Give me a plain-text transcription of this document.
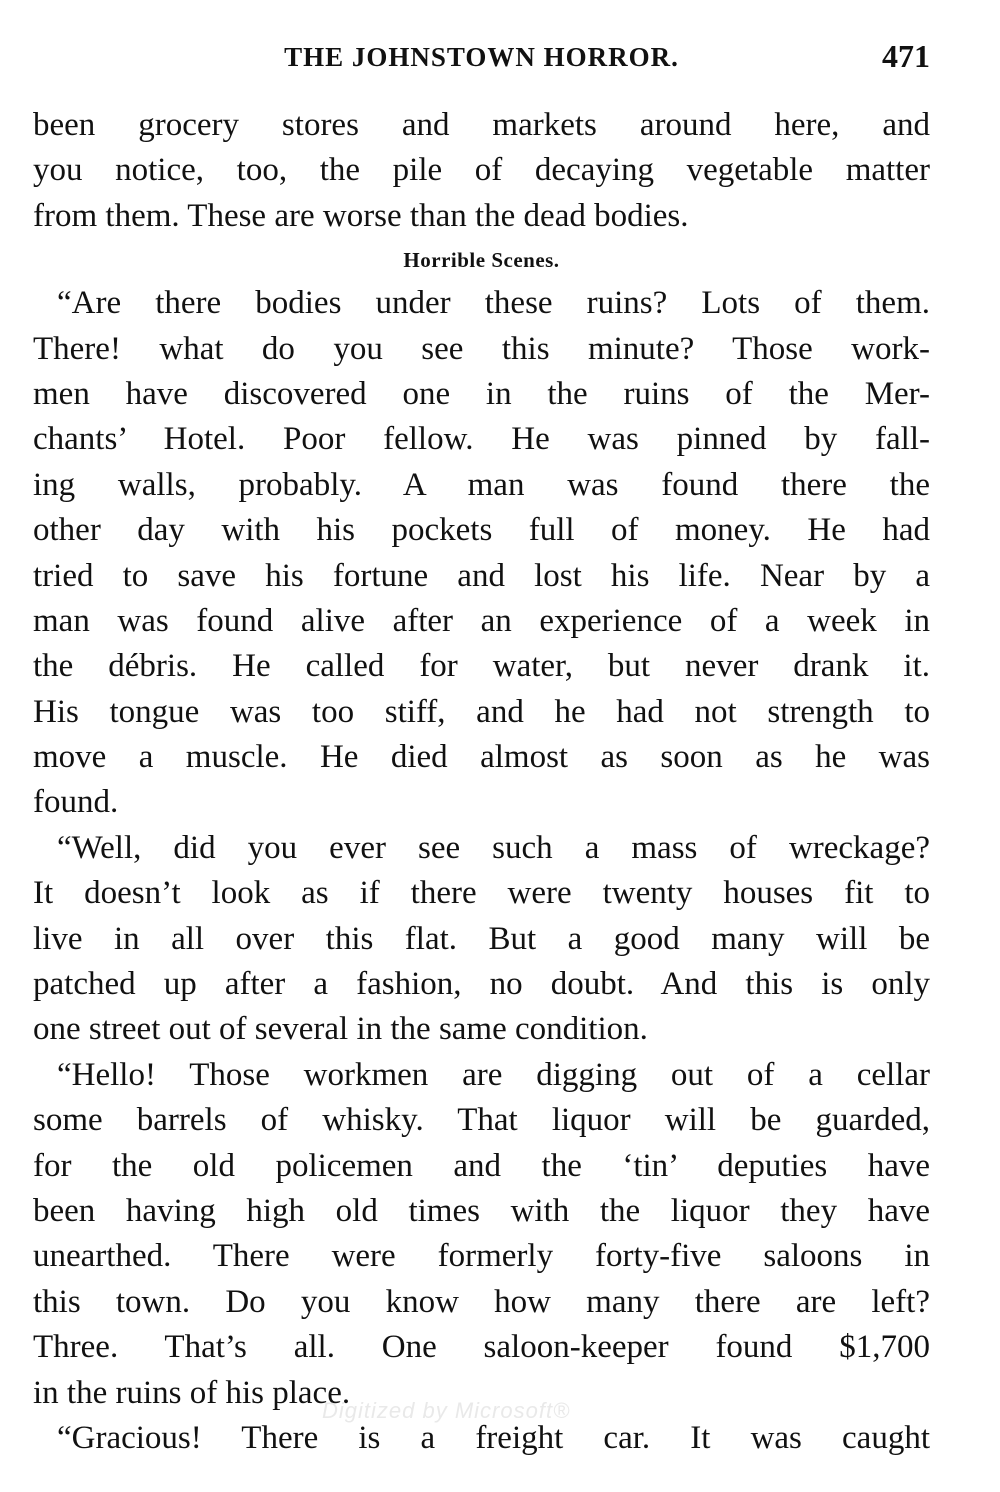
THE JOHNSTOWN HORROR.	471
been grocery stores and markets around here, and
you notice, too, the pile of decaying vegetable matter
from them. These are worse than the dead bodies.
Horrible Scenes.
“Are there bodies under these ruins? Lots of them.
There! what do you see this minute? Those work-
men have discovered one in the ruins of the Mer-
chants’ Hotel. Poor fellow. He was pinned by fall-
ing walls, probably. A man was found there the
other day with his pockets full of money. He had
tried to save his fortune and lost his life. Near by a
man was found alive after an experience of a week in
the débris. He called for water, but never drank it.
His tongue was too stiff, and he had not strength to
move a muscle. He died almost as soon as he was
found.
“Well, did you ever see such a mass of wreckage?
It doesn’t look as if there were twenty houses fit to
live in all over this flat. But a good many will be
patched up after a fashion, no doubt. And this is only
one street out of several in the same condition.
“Hello! Those workmen are digging out of a cellar
some barrels of whisky. That liquor will be guarded,
for the old policemen and the ‘tin’ deputies have
been having high old times with the liquor they have
unearthed. There were formerly forty-five saloons in
this town. Do you know how many there are left?
Three. That’s all. One saloon-keeper found $1,700
in the ruins of his place.
“Gracious! There is a freight car. It was caught
Digitized by Microsoft®
